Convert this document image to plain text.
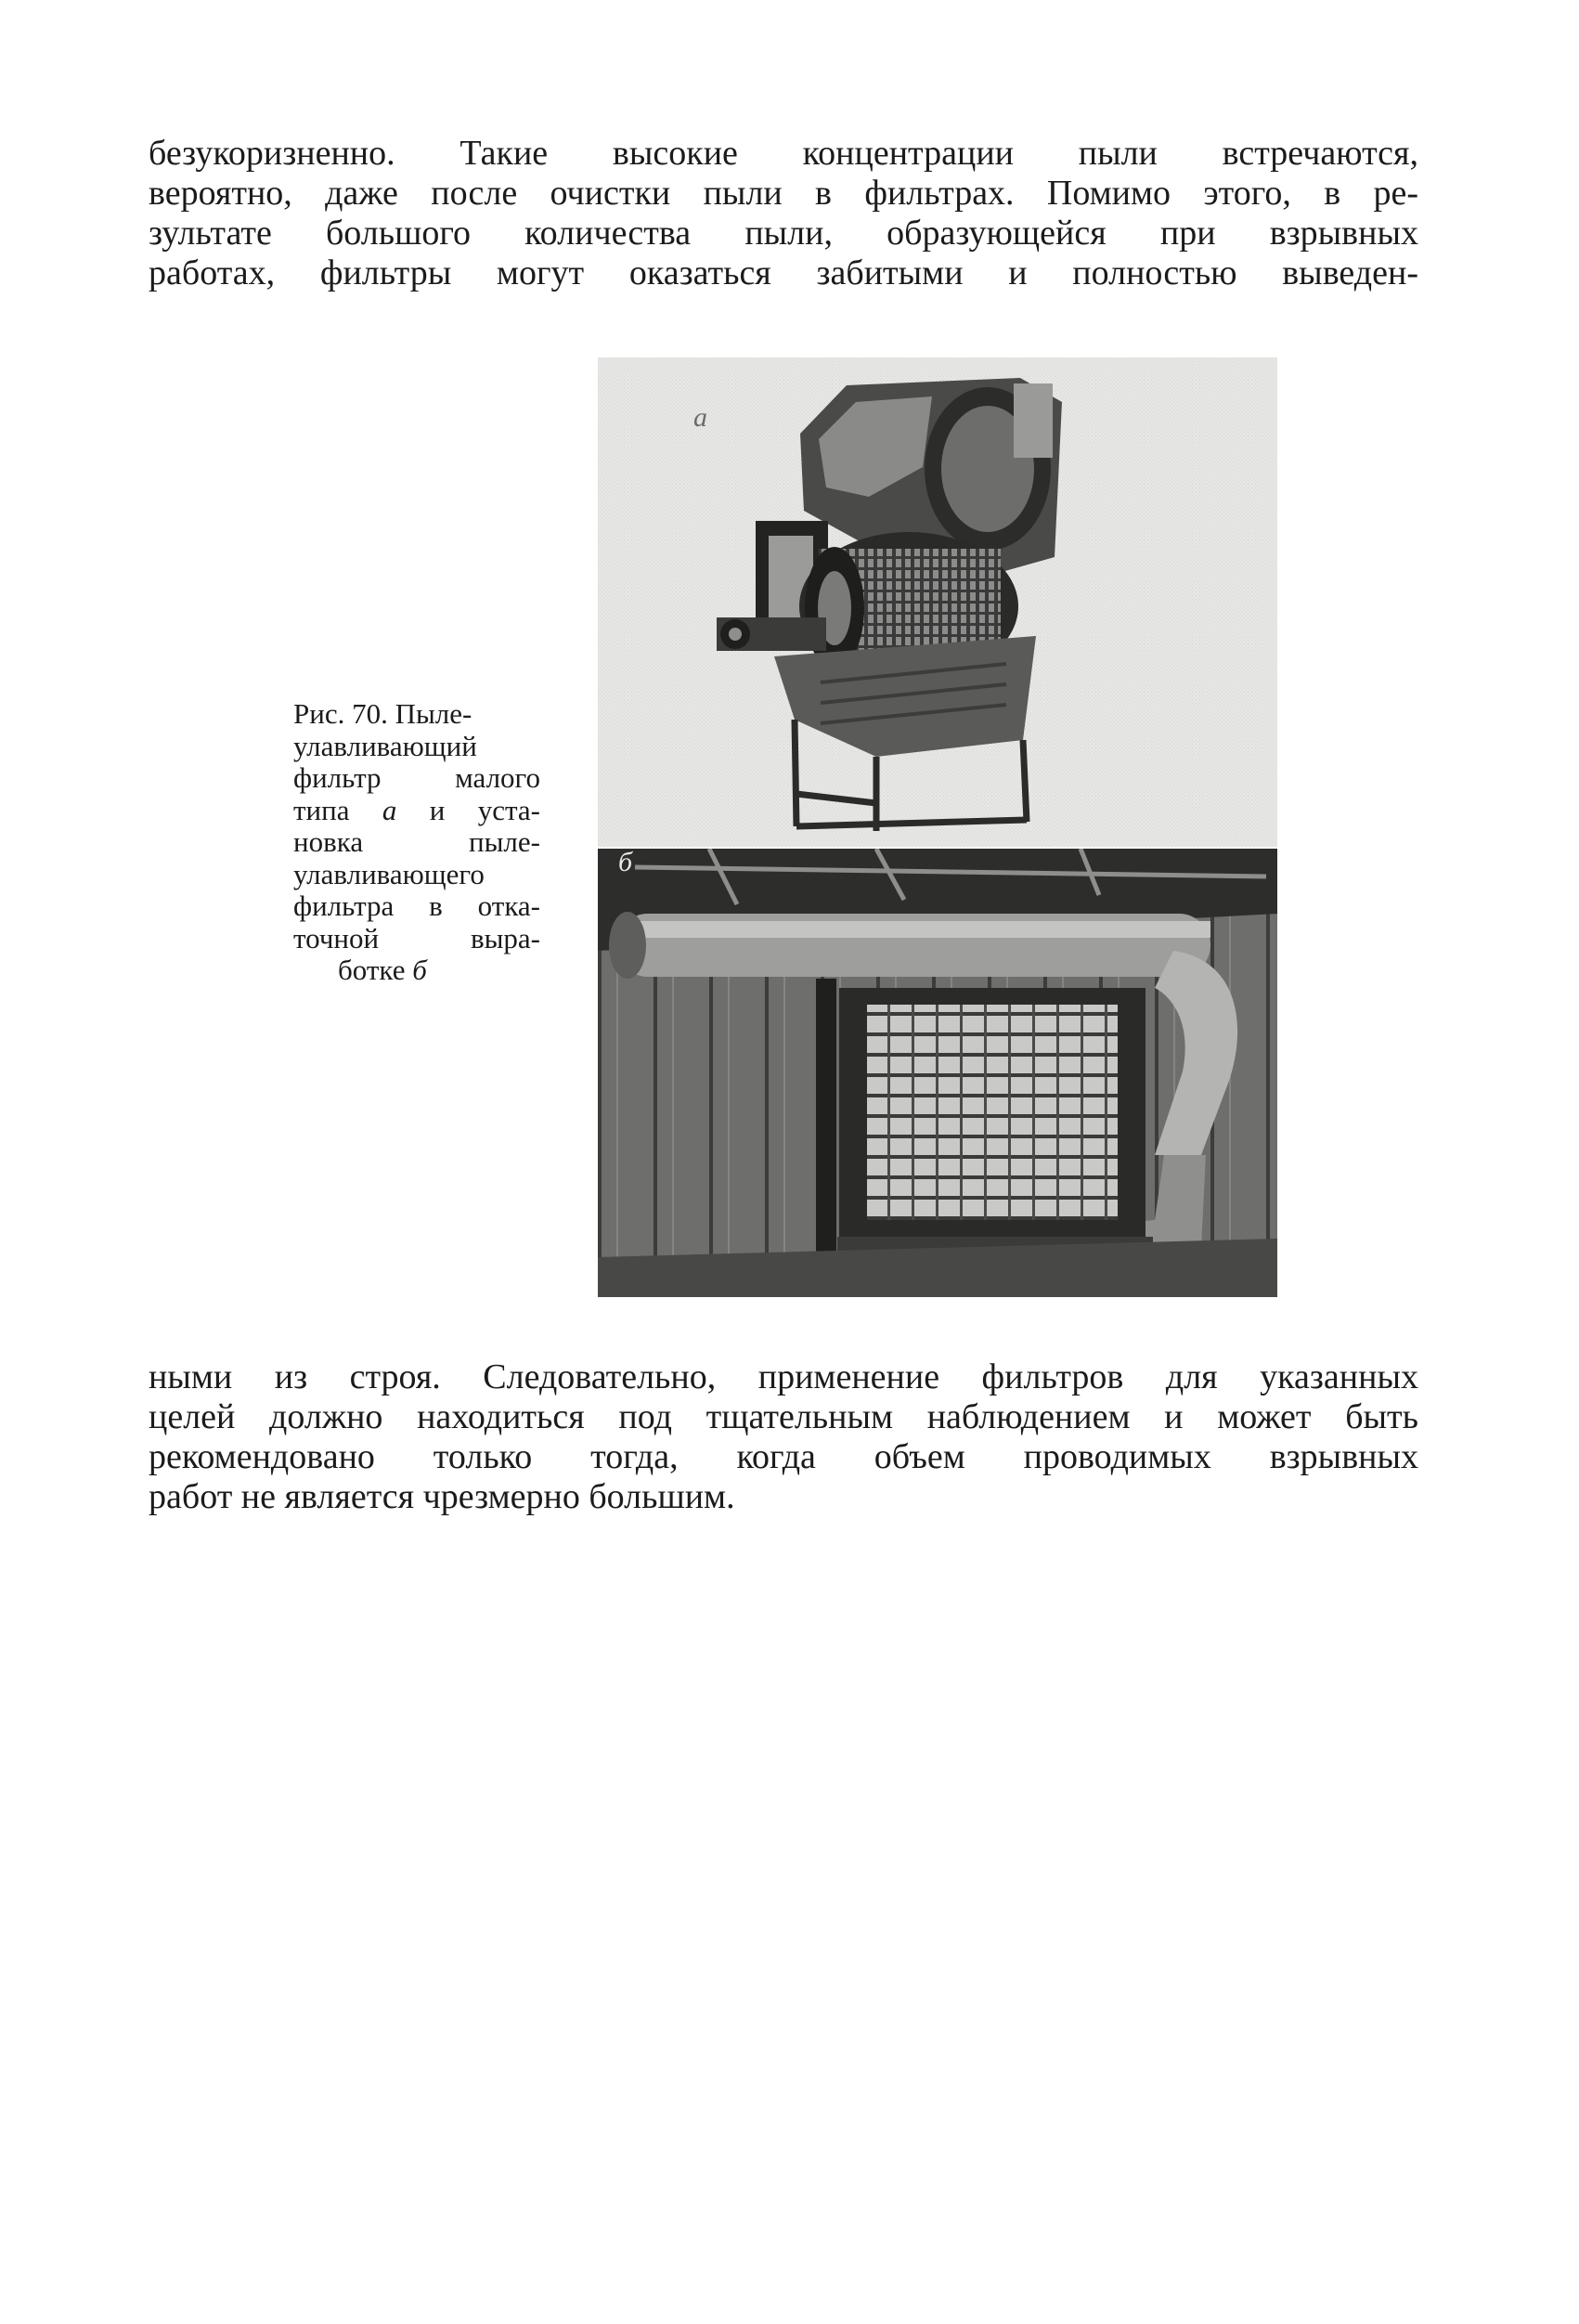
безукоризненно. Такие высокие концентрации пыли встречаются,
вероятно, даже после очистки пыли в фильтрах. Помимо этого, в ре-
зультате большого количества пыли, образующейся при взрывных
работах, фильтры могут оказаться забитыми и полностью выведен-

Рис. 70. Пыле-
улавливающий
фильтр малого
типа а и уста-
новка пыле-
улавливающего
фильтра в отка-
точной выра-
ботке б
а
б

ными из строя. Следовательно, применение фильтров для указанных
целей должно находиться под тщательным наблюдением и может быть
рекомендовано только тогда, когда объем проводимых взрывных
работ не является чрезмерно большим.
